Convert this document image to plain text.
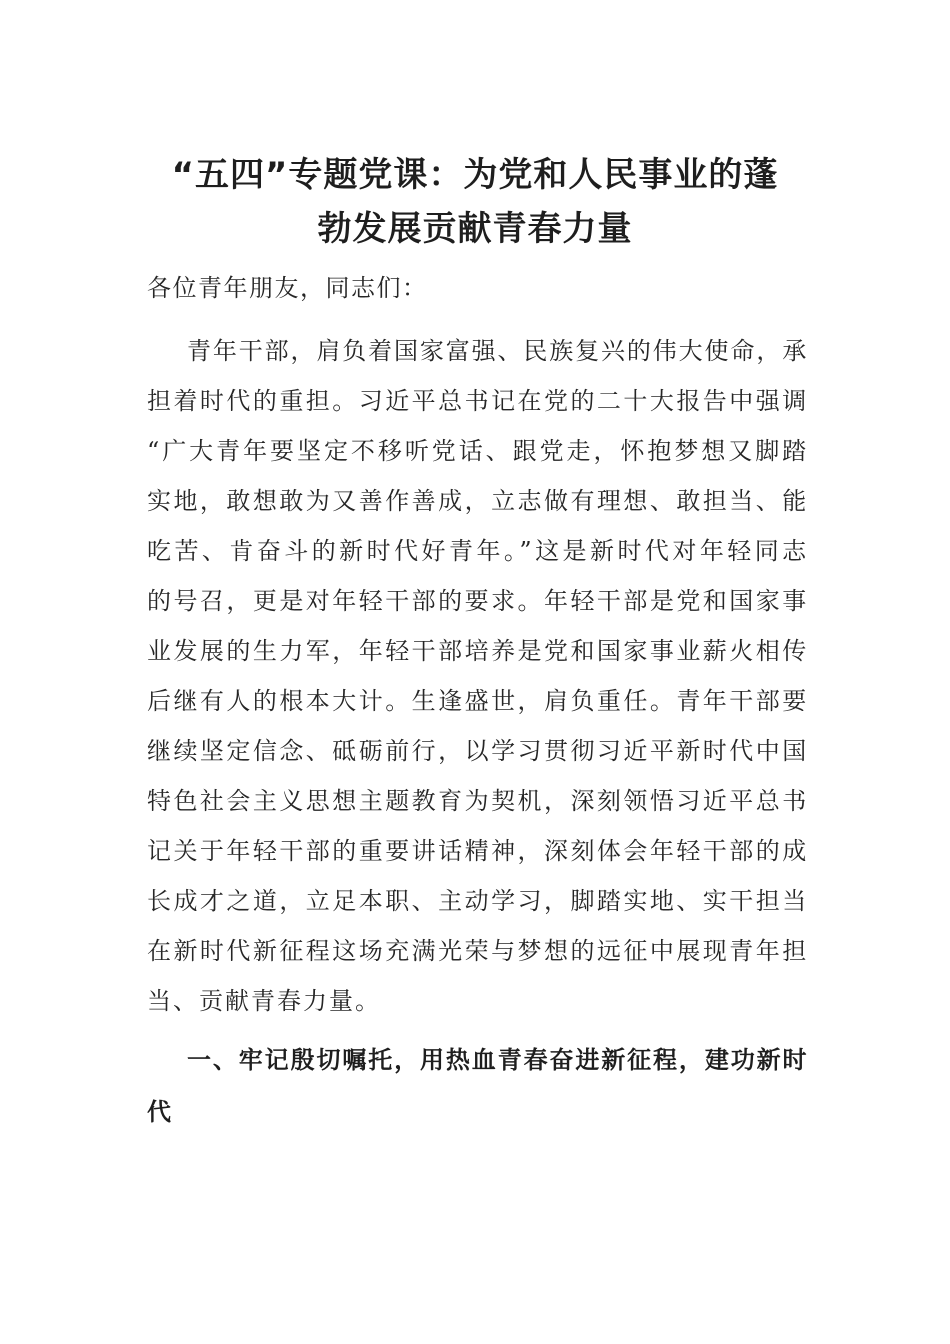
“五四”专题党课：为党和人民事业的蓬
勃发展贡献青春力量

各位青年朋友，同志们：

青年干部，肩负着国家富强、民族复兴的伟大使命，承
担着时代的重担。习近平总书记在党的二十大报告中强调
“广大青年要坚定不移听党话、跟党走，怀抱梦想又脚踏
实地，敢想敢为又善作善成，立志做有理想、敢担当、能
吃苦、肯奋斗的新时代好青年。”这是新时代对年轻同志
的号召，更是对年轻干部的要求。年轻干部是党和国家事
业发展的生力军，年轻干部培养是党和国家事业薪火相传
后继有人的根本大计。生逢盛世，肩负重任。青年干部要
继续坚定信念、砥砺前行，以学习贯彻习近平新时代中国
特色社会主义思想主题教育为契机，深刻领悟习近平总书
记关于年轻干部的重要讲话精神，深刻体会年轻干部的成
长成才之道，立足本职、主动学习，脚踏实地、实干担当
在新时代新征程这场充满光荣与梦想的远征中展现青年担
当、贡献青春力量。

一、牢记殷切嘱托，用热血青春奋进新征程，建功新时
代
